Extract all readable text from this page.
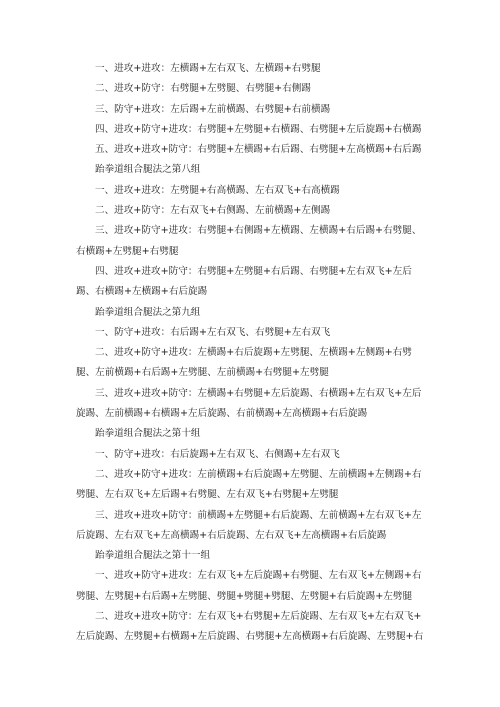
一、进攻+进攻：左横踢+左右双飞、左横踢+右劈腿

二、进攻+防守：右劈腿+左劈腿、右劈腿+右侧踢

三、防守+进攻：左后踢+左前横踢、右劈腿+右前横踢

四、进攻+防守+进攻：右劈腿+左劈腿+右横踢、右劈腿+左后旋踢+右横踢

五、进攻+进攻+防守：右劈腿+左横踢+右后踢、右劈腿+左高横踢+右后踢

跆拳道组合腿法之第八组

一、进攻+进攻：左劈腿+右高横踢、左右双飞+右高横踢

二、进攻+防守：左右双飞+右侧踢、左前横踢+左侧踢

三、进攻+防守+进攻：右劈腿+右侧踢+左横踢、左横踢+右后踢+右劈腿、

右横踢+左劈腿+右劈腿

四、进攻+进攻+防守：右劈腿+左劈腿+右后踢、右劈腿+左右双飞+左后

踢、右横踢+左横踢+右后旋踢

跆拳道组合腿法之第九组

一、防守+进攻：右后踢+左右双飞、右劈腿+左右双飞

二、进攻+防守+进攻：左横踢+右后旋踢+左劈腿、左横踢+左侧踢+右劈

腿、左前横踢+右后踢+左劈腿、左前横踢+右劈腿+左劈腿

三、进攻+进攻+防守：左横踢+右劈腿+左后旋踢、右横踢+左右双飞+左后

旋踢、左前横踢+右横踢+左后旋踢、右前横踢+左高横踢+右后旋踢

跆拳道组合腿法之第十组

一、防守+进攻：右后旋踢+左右双飞、右侧踢+左右双飞

二、进攻+防守+进攻：左前横踢+右后旋踢+左劈腿、左前横踢+左侧踢+右

劈腿、左右双飞+左后踢+右劈腿、左右双飞+右劈腿+左劈腿

三、进攻+进攻+防守：前横踢+左劈腿+右后旋踢、左前横踢+左右双飞+左

后旋踢、左右双飞+左高横踢+右后旋踢、左右双飞+左高横踢+右后旋踢

跆拳道组合腿法之第十一组

一、进攻+防守+进攻：左右双飞+左后旋踢+右劈腿、左右双飞+左侧踢+右

劈腿、左劈腿+右后踢+左劈腿、劈腿+劈腿+劈腿、左劈腿+右后旋踢+左劈腿

二、进攻+进攻+防守：左右双飞+右劈腿+左后旋踢、左右双飞+左右双飞+

左后旋踢、左劈腿+右横踢+左后旋踢、右劈腿+左高横踢+右后旋踢、左劈腿+右
